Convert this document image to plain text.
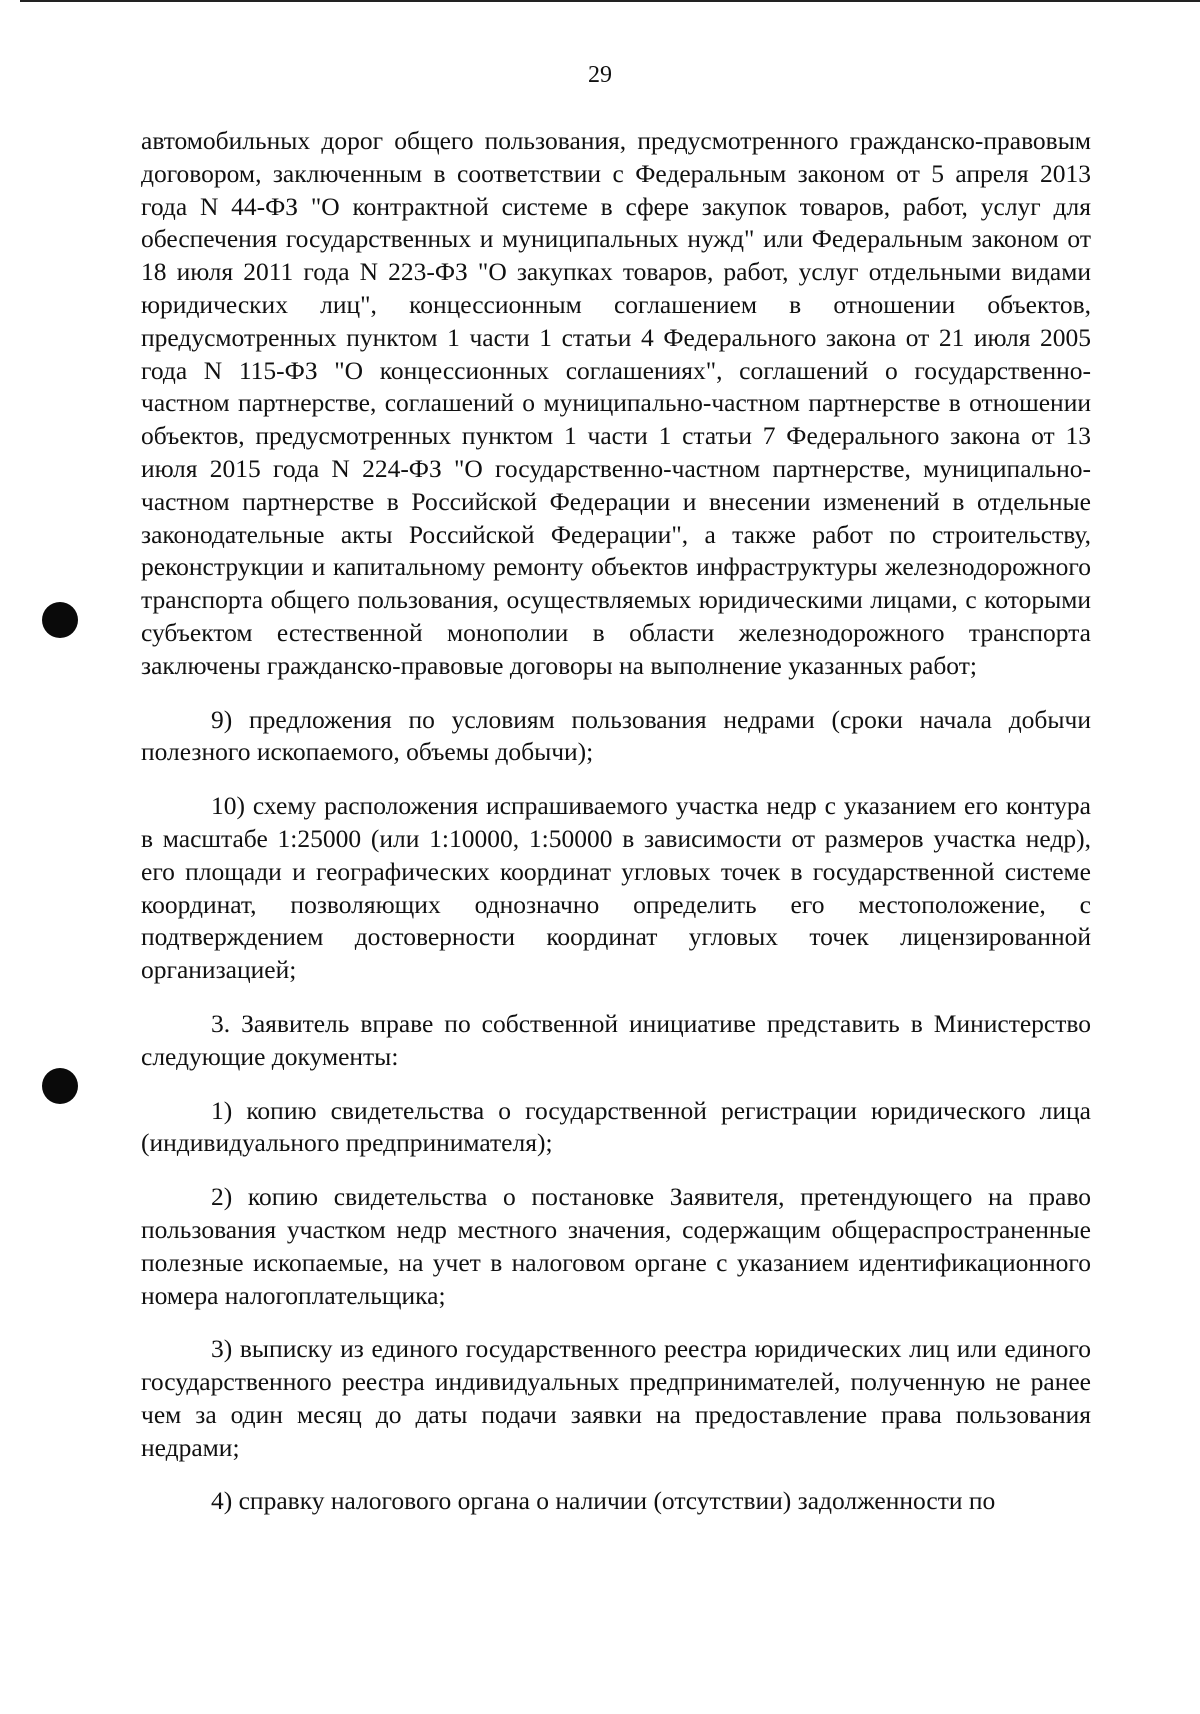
29

автомобильных дорог общего пользования, предусмотренного гражданско-правовым договором, заключенным в соответствии с Федеральным законом от 5 апреля 2013 года N 44-ФЗ "О контрактной системе в сфере закупок товаров, работ, услуг для обеспечения государственных и муниципальных нужд" или Федеральным законом от 18 июля 2011 года N 223-ФЗ "О закупках товаров, работ, услуг отдельными видами юридических лиц", концессионным соглашением в отношении объектов, предусмотренных пунктом 1 части 1 статьи 4 Федерального закона от 21 июля 2005 года N 115-ФЗ "О концессионных соглашениях", соглашений о государственно-частном партнерстве, соглашений о муниципально-частном партнерстве в отношении объектов, предусмотренных пунктом 1 части 1 статьи 7 Федерального закона от 13 июля 2015 года N 224-ФЗ "О государственно-частном партнерстве, муниципально-частном партнерстве в Российской Федерации и внесении изменений в отдельные законодательные акты Российской Федерации", а также работ по строительству, реконструкции и капитальному ремонту объектов инфраструктуры железнодорожного транспорта общего пользования, осуществляемых юридическими лицами, с которыми субъектом естественной монополии в области железнодорожного транспорта заключены гражданско-правовые договоры на выполнение указанных работ;

9) предложения по условиям пользования недрами (сроки начала добычи полезного ископаемого, объемы добычи);

10) схему расположения испрашиваемого участка недр с указанием его контура в масштабе 1:25000 (или 1:10000, 1:50000 в зависимости от размеров участка недр), его площади и географических координат угловых точек в государственной системе координат, позволяющих однозначно определить его местоположение, с подтверждением достоверности координат угловых точек лицензированной организацией;

3. Заявитель вправе по собственной инициативе представить в Министерство следующие документы:

1) копию свидетельства о государственной регистрации юридического лица (индивидуального предпринимателя);

2) копию свидетельства о постановке Заявителя, претендующего на право пользования участком недр местного значения, содержащим общераспространенные полезные ископаемые, на учет в налоговом органе с указанием идентификационного номера налогоплательщика;

3) выписку из единого государственного реестра юридических лиц или единого государственного реестра индивидуальных предпринимателей, полученную не ранее чем за один месяц до даты подачи заявки на предоставление права пользования недрами;

4) справку налогового органа о наличии (отсутствии) задолженности по
